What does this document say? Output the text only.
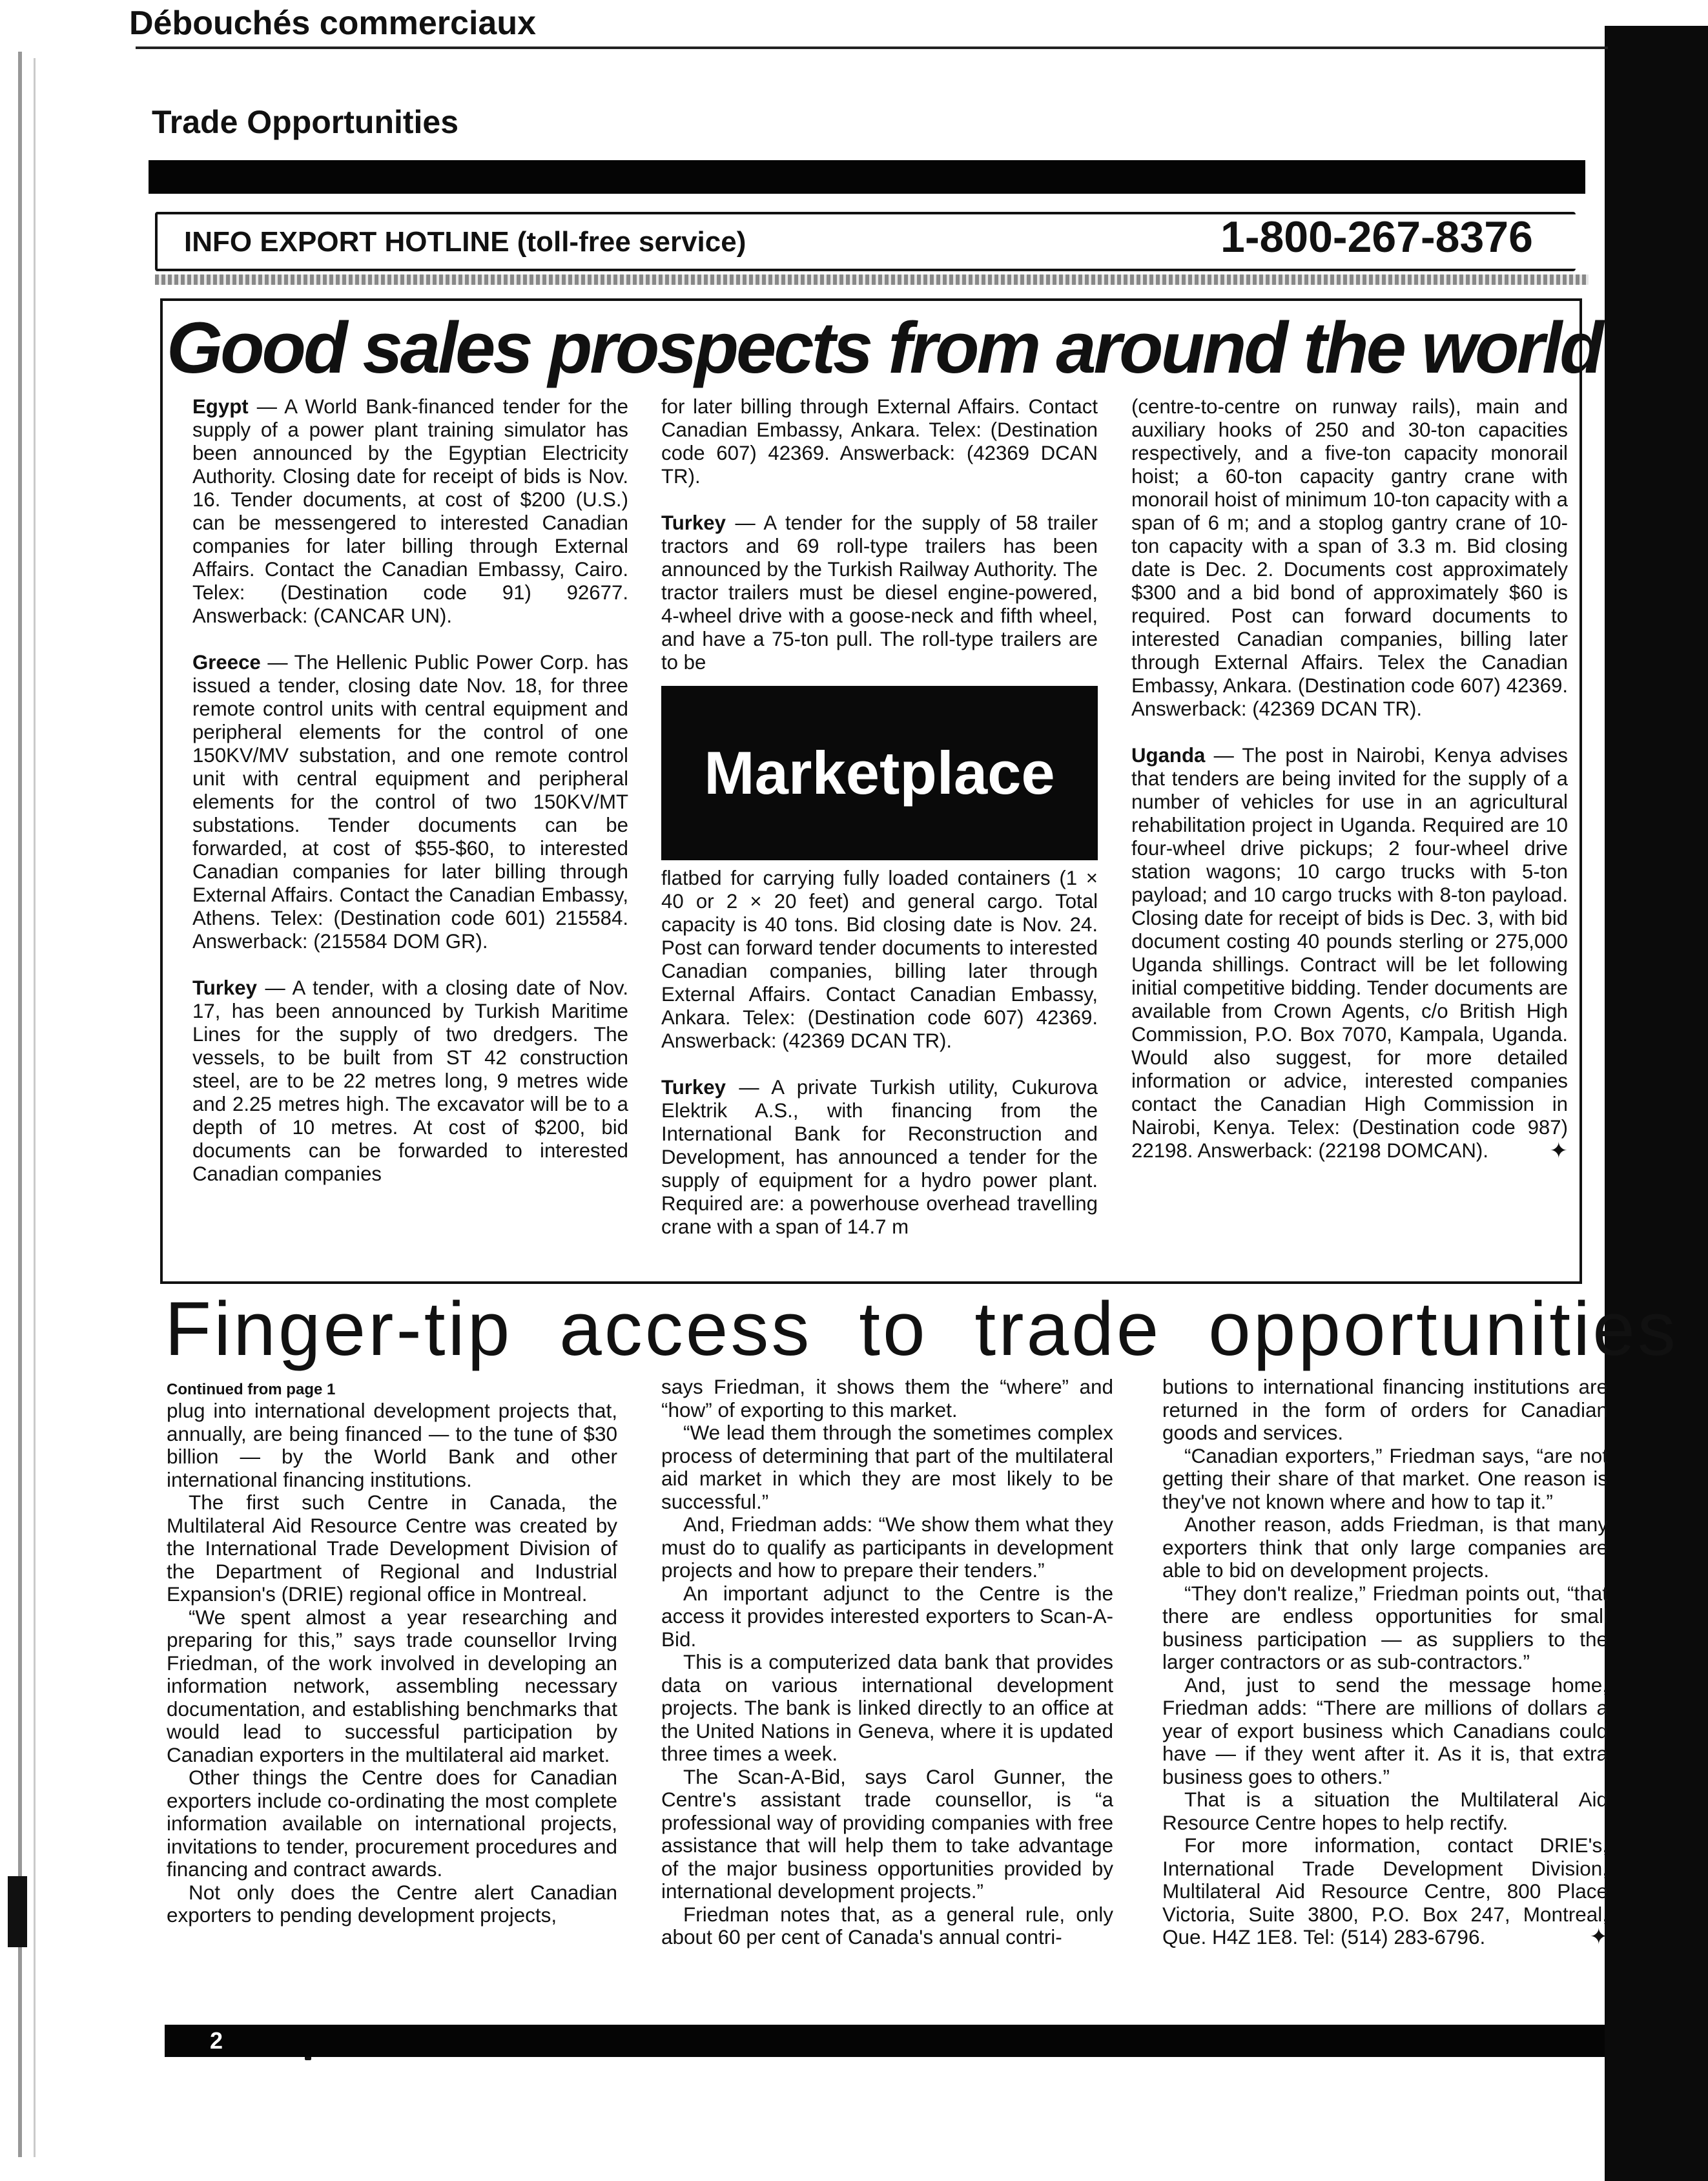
Débouchés commerciaux
Trade Opportunities
INFO EXPORT HOTLINE (toll-free service)	1-800-267-8376
Good sales prospects from around the world

Egypt — A World Bank-financed tender for the supply of a power plant training simulator has been announced by the Egyptian Electricity Authority. Closing date for receipt of bids is Nov. 16. Tender documents, at cost of $200 (U.S.) can be messengered to interested Canadian companies for later billing through External Affairs. Contact the Canadian Embassy, Cairo. Telex: (Destination code 91) 92677. Answerback: (CANCAR UN).

Greece — The Hellenic Public Power Corp. has issued a tender, closing date Nov. 18, for three remote control units with central equipment and peripheral elements for the control of one 150KV/MV substation, and one remote control unit with central equipment and peripheral elements for the control of two 150KV/MT substations. Tender documents can be forwarded, at cost of $55-$60, to interested Canadian companies for later billing through External Affairs. Contact the Canadian Embassy, Athens. Telex: (Destination code 601) 215584. Answerback: (215584 DOM GR).

Turkey — A tender, with a closing date of Nov. 17, has been announced by Turkish Maritime Lines for the supply of two dredgers. The vessels, to be built from ST 42 construction steel, are to be 22 metres long, 9 metres wide and 2.25 metres high. The excavator will be to a depth of 10 metres. At cost of $200, bid documents can be forwarded to interested Canadian companies

for later billing through External Affairs. Contact Canadian Embassy, Ankara. Telex: (Destination code 607) 42369. Answerback: (42369 DCAN TR).

Turkey — A tender for the supply of 58 trailer tractors and 69 roll-type trailers has been announced by the Turkish Railway Authority. The tractor trailers must be diesel engine-powered, 4-wheel drive with a goose-neck and fifth wheel, and have a 75-ton pull. The roll-type trailers are to be

Marketplace

flatbed for carrying fully loaded containers (1 × 40 or 2 × 20 feet) and general cargo. Total capacity is 40 tons. Bid closing date is Nov. 24. Post can forward tender documents to interested Canadian companies, billing later through External Affairs. Contact Canadian Embassy, Ankara. Telex: (Destination code 607) 42369. Answerback: (42369 DCAN TR).

Turkey — A private Turkish utility, Cukurova Elektrik A.S., with financing from the International Bank for Reconstruction and Development, has announced a tender for the supply of equipment for a hydro power plant. Required are: a powerhouse overhead travelling crane with a span of 14.7 m

(centre-to-centre on runway rails), main and auxiliary hooks of 250 and 30-ton capacities respectively, and a five-ton capacity monorail hoist; a 60-ton capacity gantry crane with monorail hoist of minimum 10-ton capacity with a span of 6 m; and a stoplog gantry crane of 10-ton capacity with a span of 3.3 m. Bid closing date is Dec. 2. Documents cost approximately $300 and a bid bond of approximately $60 is required. Post can forward documents to interested Canadian companies, billing later through External Affairs. Telex the Canadian Embassy, Ankara. (Destination code 607) 42369. Answerback: (42369 DCAN TR).

Uganda — The post in Nairobi, Kenya advises that tenders are being invited for the supply of a number of vehicles for use in an agricultural rehabilitation project in Uganda. Required are 10 four-wheel drive pickups; 2 four-wheel drive station wagons; 10 cargo trucks with 5-ton payload; and 10 cargo trucks with 8-ton payload. Closing date for receipt of bids is Dec. 3, with bid document costing 40 pounds sterling or 275,000 Uganda shillings. Contract will be let following initial competitive bidding. Tender documents are available from Crown Agents, c/o British High Commission, P.O. Box 7070, Kampala, Uganda. Would also suggest, for more detailed information or advice, interested companies contact the Canadian High Commission in Nairobi, Kenya. Telex: (Destination code 987) 22198. Answerback: (22198 DOMCAN).	✦

Finger-tip access to trade opportunities
Continued from page 1

plug into international development projects that, annually, are being financed — to the tune of $30 billion — by the World Bank and other international financing institutions.

The first such Centre in Canada, the Multilateral Aid Resource Centre was created by the International Trade Development Division of the Department of Regional and Industrial Expansion's (DRIE) regional office in Montreal.

“We spent almost a year researching and preparing for this,” says trade counsellor Irving Friedman, of the work involved in developing an information network, assembling necessary documentation, and establishing benchmarks that would lead to successful participation by Canadian exporters in the multilateral aid market.

Other things the Centre does for Canadian exporters include co-ordinating the most complete information available on international projects, invitations to tender, procurement procedures and financing and contract awards.

Not only does the Centre alert Canadian exporters to pending development projects,

says Friedman, it shows them the “where” and “how” of exporting to this market.

“We lead them through the sometimes complex process of determining that part of the multilateral aid market in which they are most likely to be successful.”

And, Friedman adds: “We show them what they must do to qualify as participants in development projects and how to prepare their tenders.”

An important adjunct to the Centre is the access it provides interested exporters to Scan-A-Bid.

This is a computerized data bank that provides data on various international development projects. The bank is linked directly to an office at the United Nations in Geneva, where it is updated three times a week.

The Scan-A-Bid, says Carol Gunner, the Centre's assistant trade counsellor, is “a professional way of providing companies with free assistance that will help them to take advantage of the major business opportunities provided by international development projects.”

Friedman notes that, as a general rule, only about 60 per cent of Canada's annual contri-

butions to international financing institutions are returned in the form of orders for Canadian goods and services.

“Canadian exporters,” Friedman says, “are not getting their share of that market. One reason is they've not known where and how to tap it.”

Another reason, adds Friedman, is that many exporters think that only large companies are able to bid on development projects.

“They don't realize,” Friedman points out, “that there are endless opportunities for small business participation — as suppliers to the larger contractors or as sub-contractors.”

And, just to send the message home, Friedman adds: “There are millions of dollars a year of export business which Canadians could have — if they went after it. As it is, that extra business goes to others.”

That is a situation the Multilateral Aid Resource Centre hopes to help rectify.

For more information, contact DRIE's, International Trade Development Division, Multilateral Aid Resource Centre, 800 Place Victoria, Suite 3800, P.O. Box 247, Montreal, Que. H4Z 1E8. Tel: (514) 283-6796.	✦

2
